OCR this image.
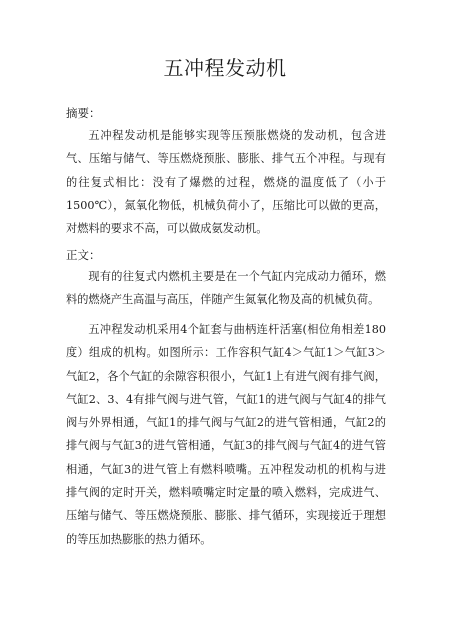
五冲程发动机
摘要：

五冲程发动机是能够实现等压预胀燃烧的发动机，包含进气、压缩与储气、等压燃烧预胀、膨胀、排气五个冲程。与现有的往复式相比：没有了爆燃的过程，燃烧的温度低了（小于1500℃），氮氧化物低，机械负荷小了，压缩比可以做的更高，对燃料的要求不高，可以做成氨发动机。

正文：

现有的往复式内燃机主要是在一个气缸内完成动力循环，燃料的燃烧产生高温与高压，伴随产生氮氧化物及高的机械负荷。

五冲程发动机采用4个缸套与曲柄连杆活塞(相位角相差180度）组成的机构。如图所示：工作容积气缸4＞气缸1＞气缸3＞气缸2，各个气缸的余隙容积很小，气缸1上有进气阀有排气阀，气缸2、3、4有排气阀与进气管，气缸1的进气阀与气缸4的排气阀与外界相通，气缸1的排气阀与气缸2的进气管相通，气缸2的排气阀与气缸3的进气管相通，气缸3的排气阀与气缸4的进气管相通，气缸3的进气管上有燃料喷嘴。五冲程发动机的机构与进排气阀的定时开关，燃料喷嘴定时定量的喷入燃料，完成进气、压缩与储气、等压燃烧预胀、膨胀、排气循环，实现接近于理想的等压加热膨胀的热力循环。
